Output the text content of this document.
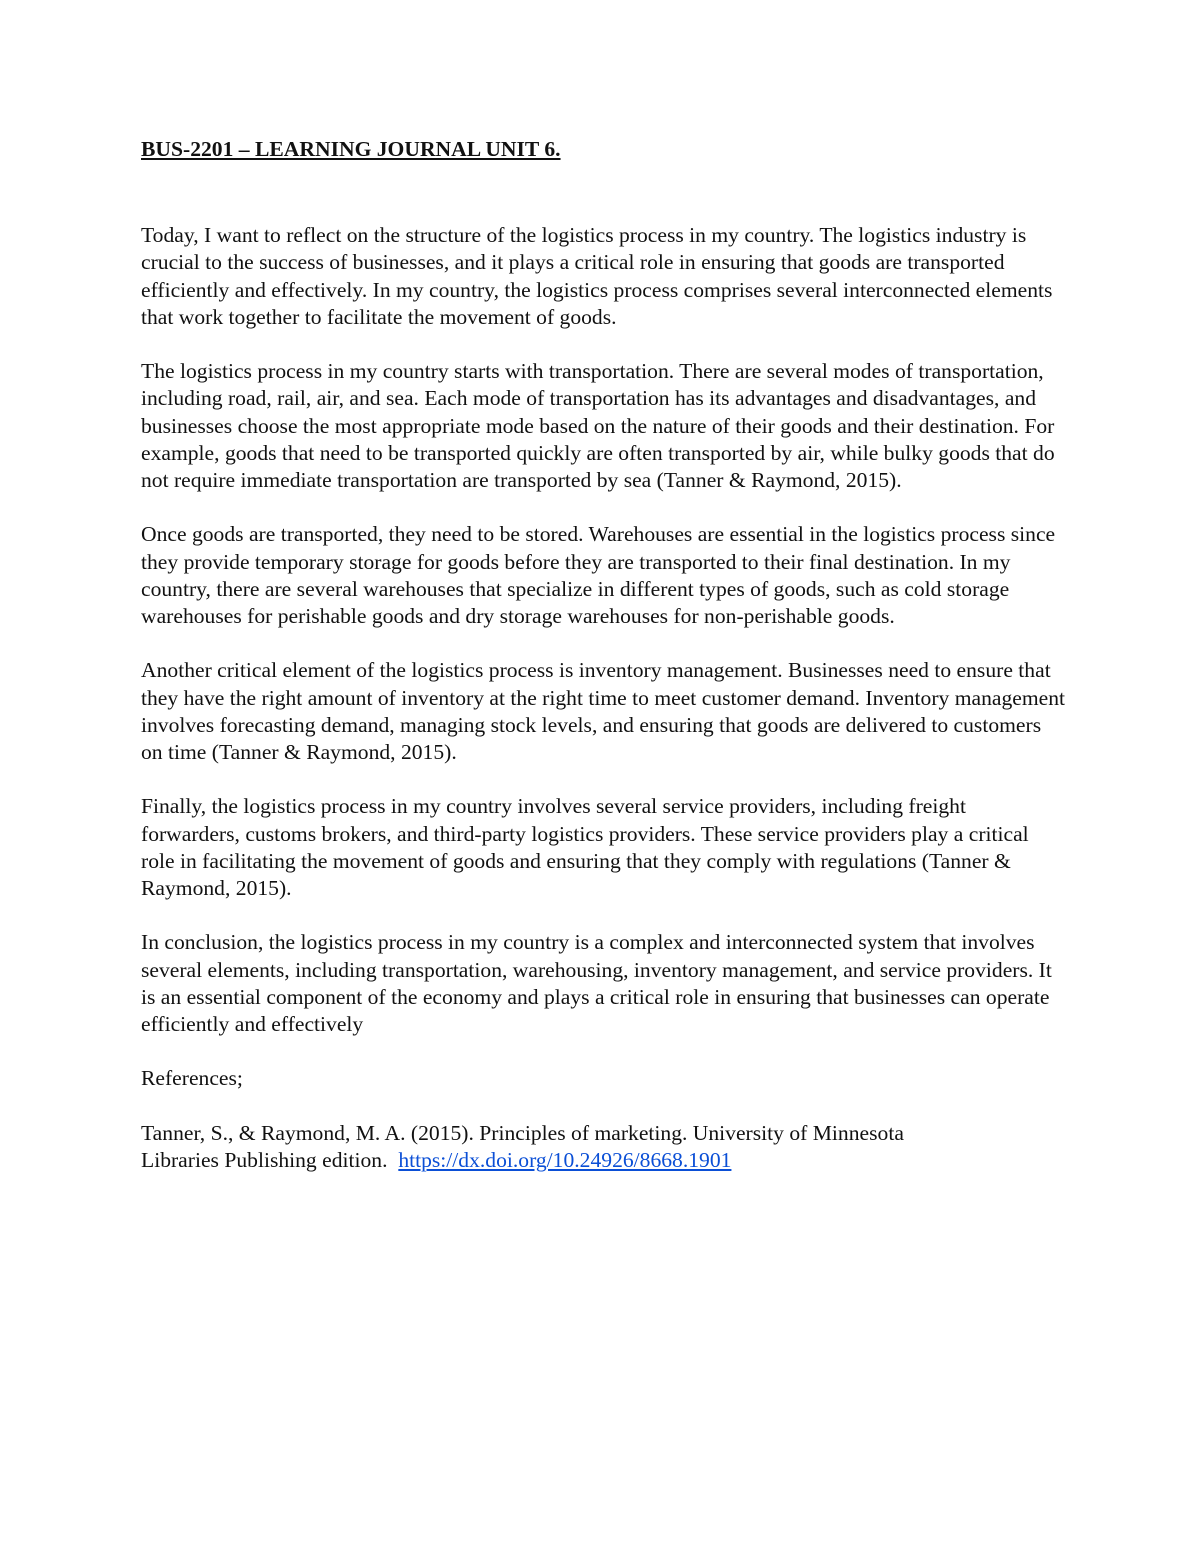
BUS-2201 – LEARNING JOURNAL UNIT 6.

Today, I want to reflect on the structure of the logistics process in my country. The logistics industry is crucial to the success of businesses, and it plays a critical role in ensuring that goods are transported efficiently and effectively. In my country, the logistics process comprises several interconnected elements that work together to facilitate the movement of goods.

The logistics process in my country starts with transportation. There are several modes of transportation, including road, rail, air, and sea. Each mode of transportation has its advantages and disadvantages, and businesses choose the most appropriate mode based on the nature of their goods and their destination. For example, goods that need to be transported quickly are often transported by air, while bulky goods that do not require immediate transportation are transported by sea (Tanner & Raymond, 2015).

Once goods are transported, they need to be stored. Warehouses are essential in the logistics process since they provide temporary storage for goods before they are transported to their final destination. In my country, there are several warehouses that specialize in different types of goods, such as cold storage warehouses for perishable goods and dry storage warehouses for non-perishable goods.

Another critical element of the logistics process is inventory management. Businesses need to ensure that they have the right amount of inventory at the right time to meet customer demand. Inventory management involves forecasting demand, managing stock levels, and ensuring that goods are delivered to customers on time (Tanner & Raymond, 2015).

Finally, the logistics process in my country involves several service providers, including freight forwarders, customs brokers, and third-party logistics providers. These service providers play a critical role in facilitating the movement of goods and ensuring that they comply with regulations (Tanner & Raymond, 2015).

In conclusion, the logistics process in my country is a complex and interconnected system that involves several elements, including transportation, warehousing, inventory management, and service providers. It is an essential component of the economy and plays a critical role in ensuring that businesses can operate efficiently and effectively

References;

Tanner, S., & Raymond, M. A. (2015). Principles of marketing. University of Minnesota
Libraries Publishing edition. https://dx.doi.org/10.24926/8668.1901
